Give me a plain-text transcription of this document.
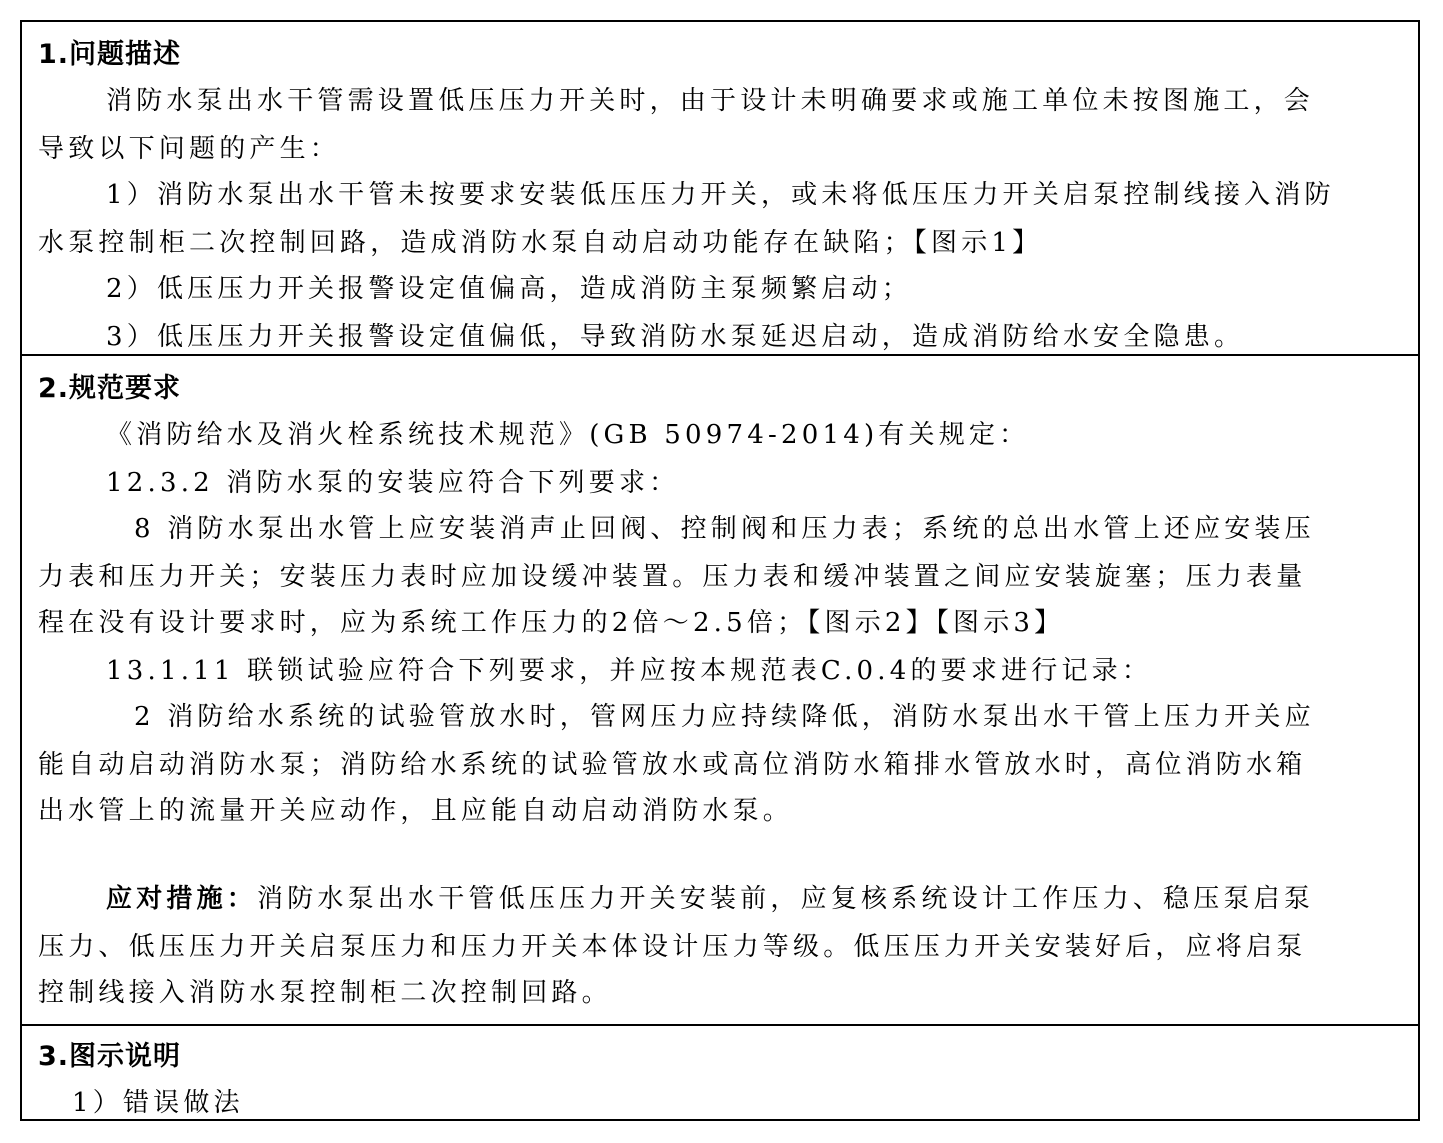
1.问题描述
消防水泵出水干管需设置低压压力开关时，由于设计未明确要求或施工单位未按图施工，会
导致以下问题的产生：
1）消防水泵出水干管未按要求安装低压压力开关，或未将低压压力开关启泵控制线接入消防
水泵控制柜二次控制回路，造成消防水泵自动启动功能存在缺陷；【图示1】
2）低压压力开关报警设定值偏高，造成消防主泵频繁启动；
3）低压压力开关报警设定值偏低，导致消防水泵延迟启动，造成消防给水安全隐患。
2.规范要求
《消防给水及消火栓系统技术规范》(GB 50974-2014)有关规定：
12.3.2 消防水泵的安装应符合下列要求：
8 消防水泵出水管上应安装消声止回阀、控制阀和压力表；系统的总出水管上还应安装压
力表和压力开关；安装压力表时应加设缓冲装置。压力表和缓冲装置之间应安装旋塞；压力表量
程在没有设计要求时，应为系统工作压力的2倍～2.5倍；【图示2】【图示3】
13.1.11 联锁试验应符合下列要求，并应按本规范表C.0.4的要求进行记录：
2 消防给水系统的试验管放水时，管网压力应持续降低，消防水泵出水干管上压力开关应
能自动启动消防水泵；消防给水系统的试验管放水或高位消防水箱排水管放水时，高位消防水箱
出水管上的流量开关应动作，且应能自动启动消防水泵。
应对措施：消防水泵出水干管低压压力开关安装前，应复核系统设计工作压力、稳压泵启泵
压力、低压压力开关启泵压力和压力开关本体设计压力等级。低压压力开关安装好后，应将启泵
控制线接入消防水泵控制柜二次控制回路。
3.图示说明
1）错误做法
